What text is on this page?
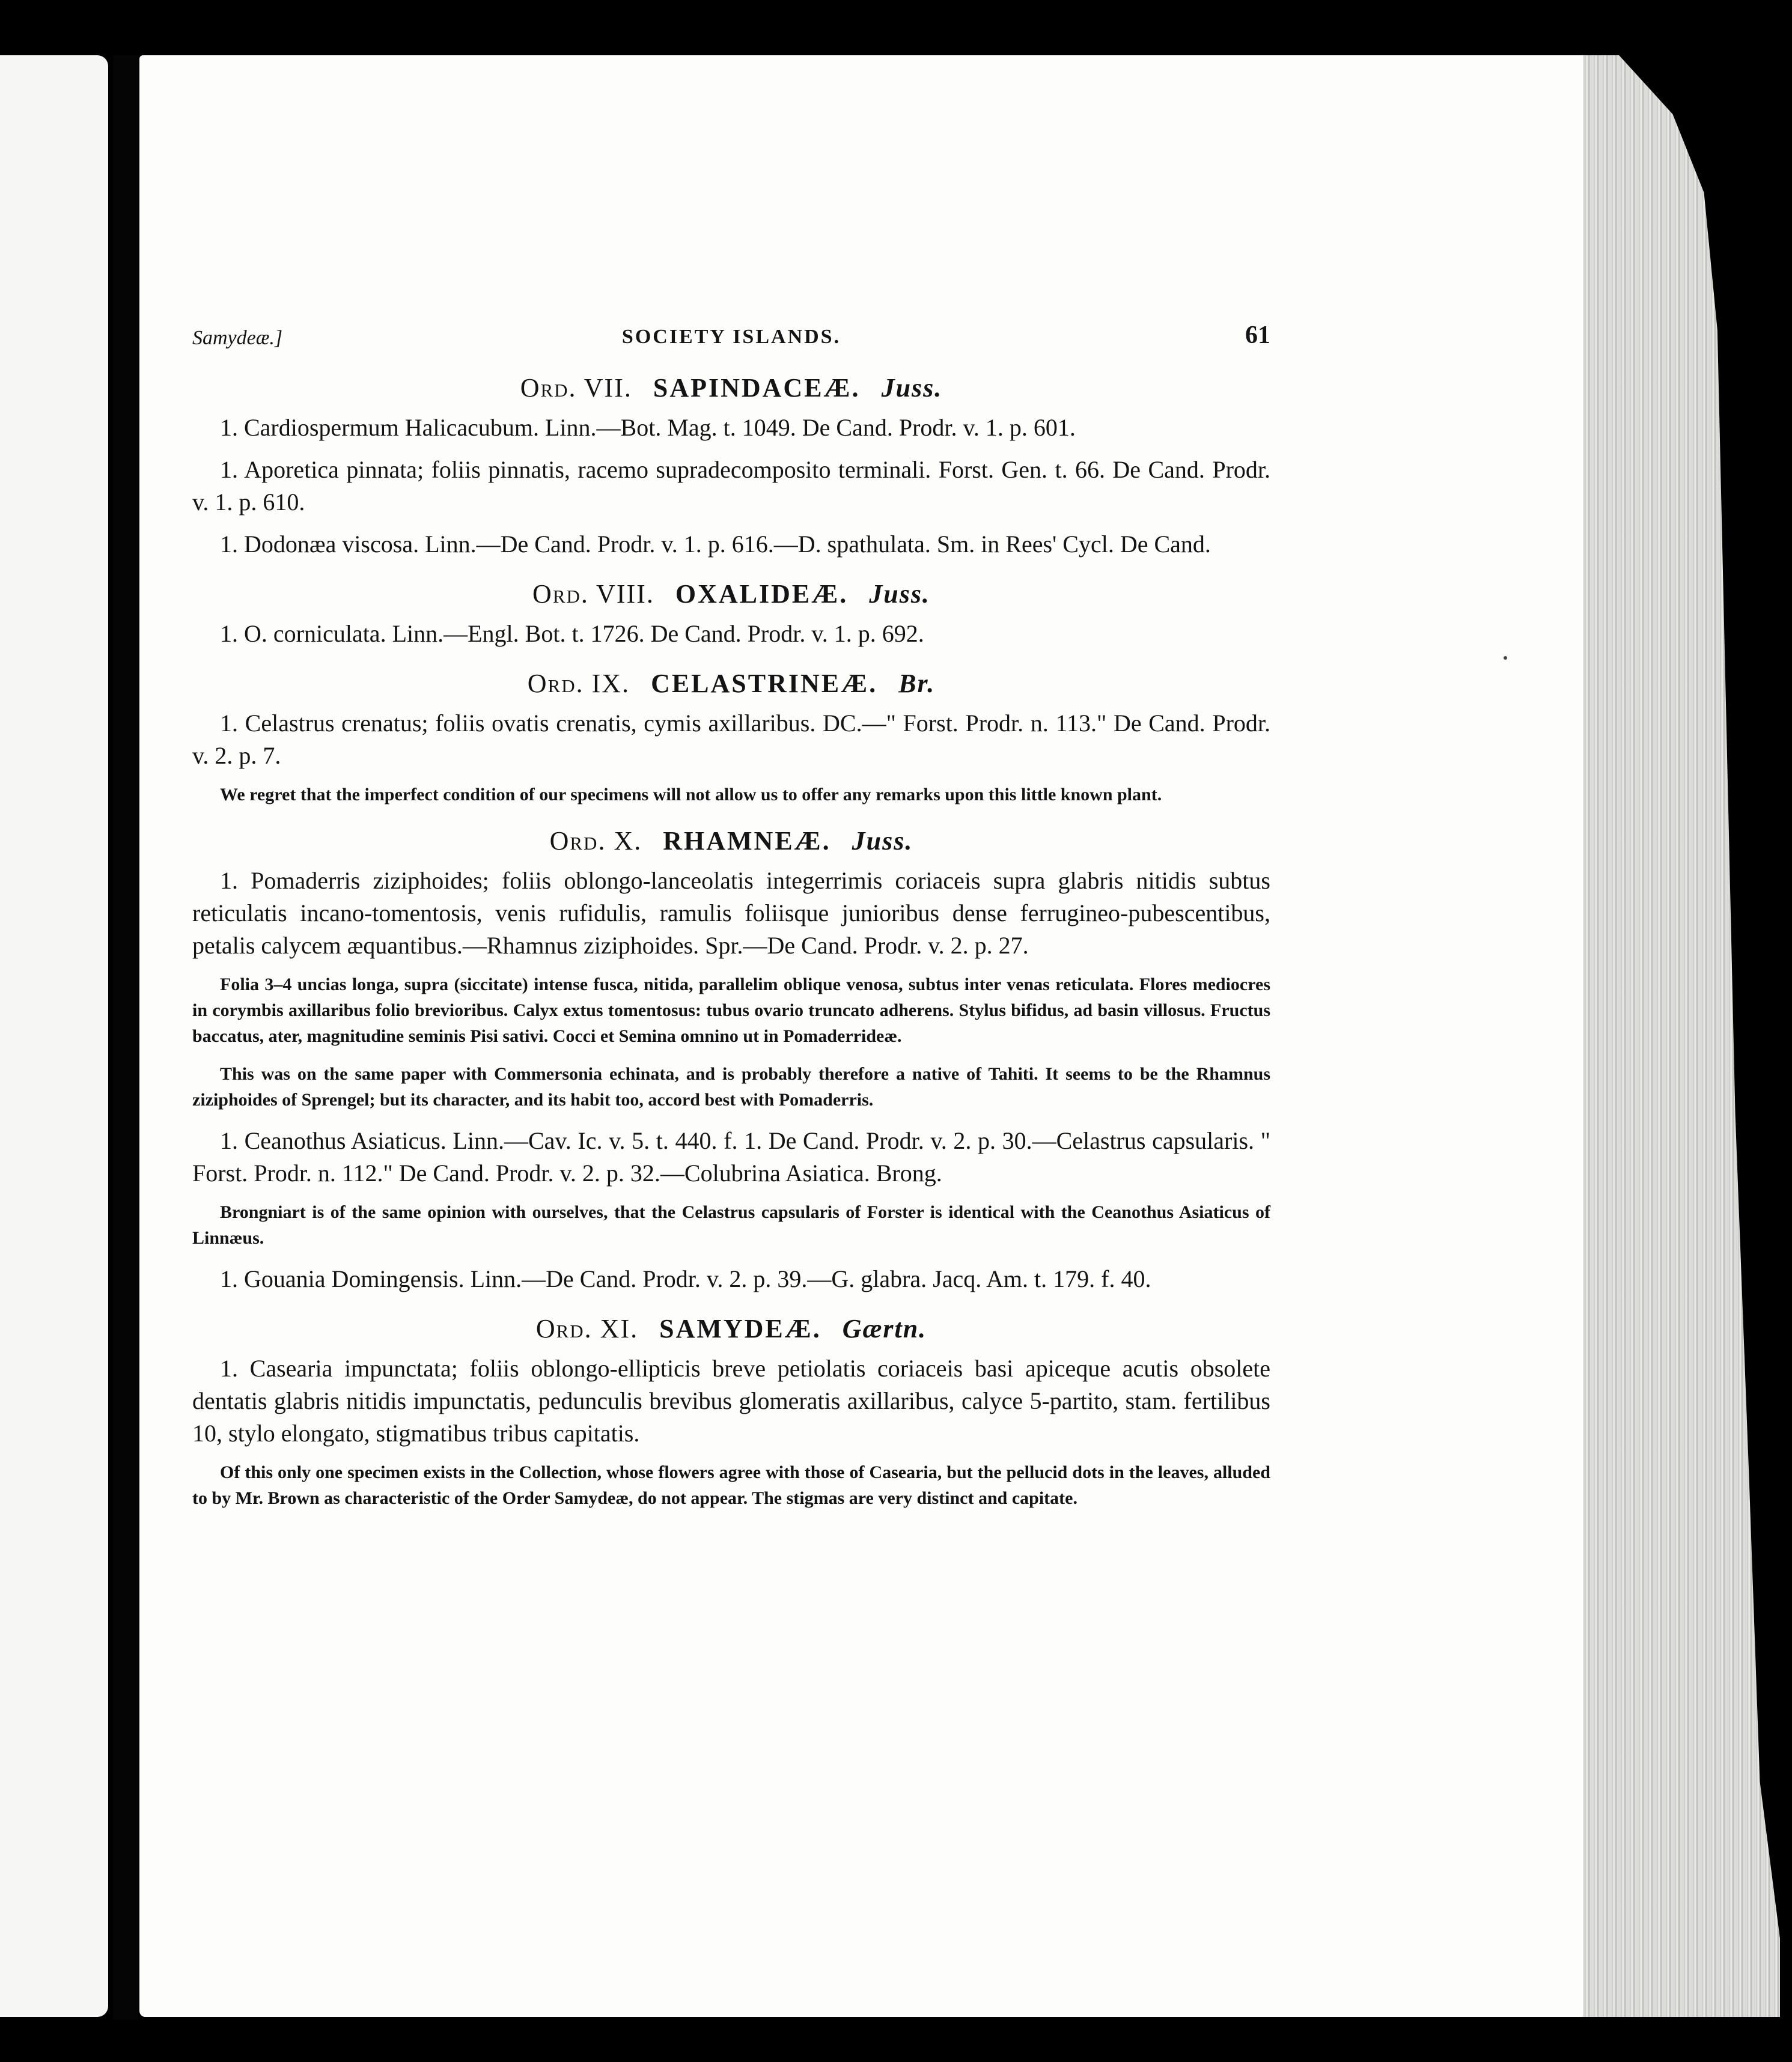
Samydeæ.]	SOCIETY ISLANDS.	61
Ord. VII. SAPINDACEÆ. Juss.

1. Cardiospermum Halicacubum. Linn.—Bot. Mag. t. 1049. De Cand. Prodr. v. 1. p. 601.

1. Aporetica pinnata; foliis pinnatis, racemo supradecomposito terminali. Forst. Gen. t. 66. De Cand. Prodr. v. 1. p. 610.

1. Dodonæa viscosa. Linn.—De Cand. Prodr. v. 1. p. 616.—D. spathulata. Sm. in Rees' Cycl. De Cand.

Ord. VIII. OXALIDEÆ. Juss.

1. O. corniculata. Linn.—Engl. Bot. t. 1726. De Cand. Prodr. v. 1. p. 692.

Ord. IX. CELASTRINEÆ. Br.

1. Celastrus crenatus; foliis ovatis crenatis, cymis axillaribus. DC.—" Forst. Prodr. n. 113." De Cand. Prodr. v. 2. p. 7.

We regret that the imperfect condition of our specimens will not allow us to offer any remarks upon this little known plant.

Ord. X. RHAMNEÆ. Juss.

1. Pomaderris ziziphoides; foliis oblongo-lanceolatis integerrimis coriaceis supra glabris nitidis subtus reticulatis incano-tomentosis, venis rufidulis, ramulis foliisque junioribus dense ferrugineo-pubescentibus, petalis calycem æquantibus.—Rhamnus ziziphoides. Spr.—De Cand. Prodr. v. 2. p. 27.

Folia 3–4 uncias longa, supra (siccitate) intense fusca, nitida, parallelim oblique venosa, subtus inter venas reticulata. Flores mediocres in corymbis axillaribus folio brevioribus. Calyx extus tomentosus: tubus ovario truncato adherens. Stylus bifidus, ad basin villosus. Fructus baccatus, ater, magnitudine seminis Pisi sativi. Cocci et Semina omnino ut in Pomaderrideæ.

This was on the same paper with Commersonia echinata, and is probably therefore a native of Tahiti. It seems to be the Rhamnus ziziphoides of Sprengel; but its character, and its habit too, accord best with Pomaderris.

1. Ceanothus Asiaticus. Linn.—Cav. Ic. v. 5. t. 440. f. 1. De Cand. Prodr. v. 2. p. 30.—Celastrus capsularis. " Forst. Prodr. n. 112." De Cand. Prodr. v. 2. p. 32.—Colubrina Asiatica. Brong.

Brongniart is of the same opinion with ourselves, that the Celastrus capsularis of Forster is identical with the Ceanothus Asiaticus of Linnæus.

1. Gouania Domingensis. Linn.—De Cand. Prodr. v. 2. p. 39.—G. glabra. Jacq. Am. t. 179. f. 40.

Ord. XI. SAMYDEÆ. Gærtn.

1. Casearia impunctata; foliis oblongo-ellipticis breve petiolatis coriaceis basi apiceque acutis obsolete dentatis glabris nitidis impunctatis, pedunculis brevibus glomeratis axillaribus, calyce 5-partito, stam. fertilibus 10, stylo elongato, stigmatibus tribus capitatis.

Of this only one specimen exists in the Collection, whose flowers agree with those of Casearia, but the pellucid dots in the leaves, alluded to by Mr. Brown as characteristic of the Order Samydeæ, do not appear. The stigmas are very distinct and capitate.
